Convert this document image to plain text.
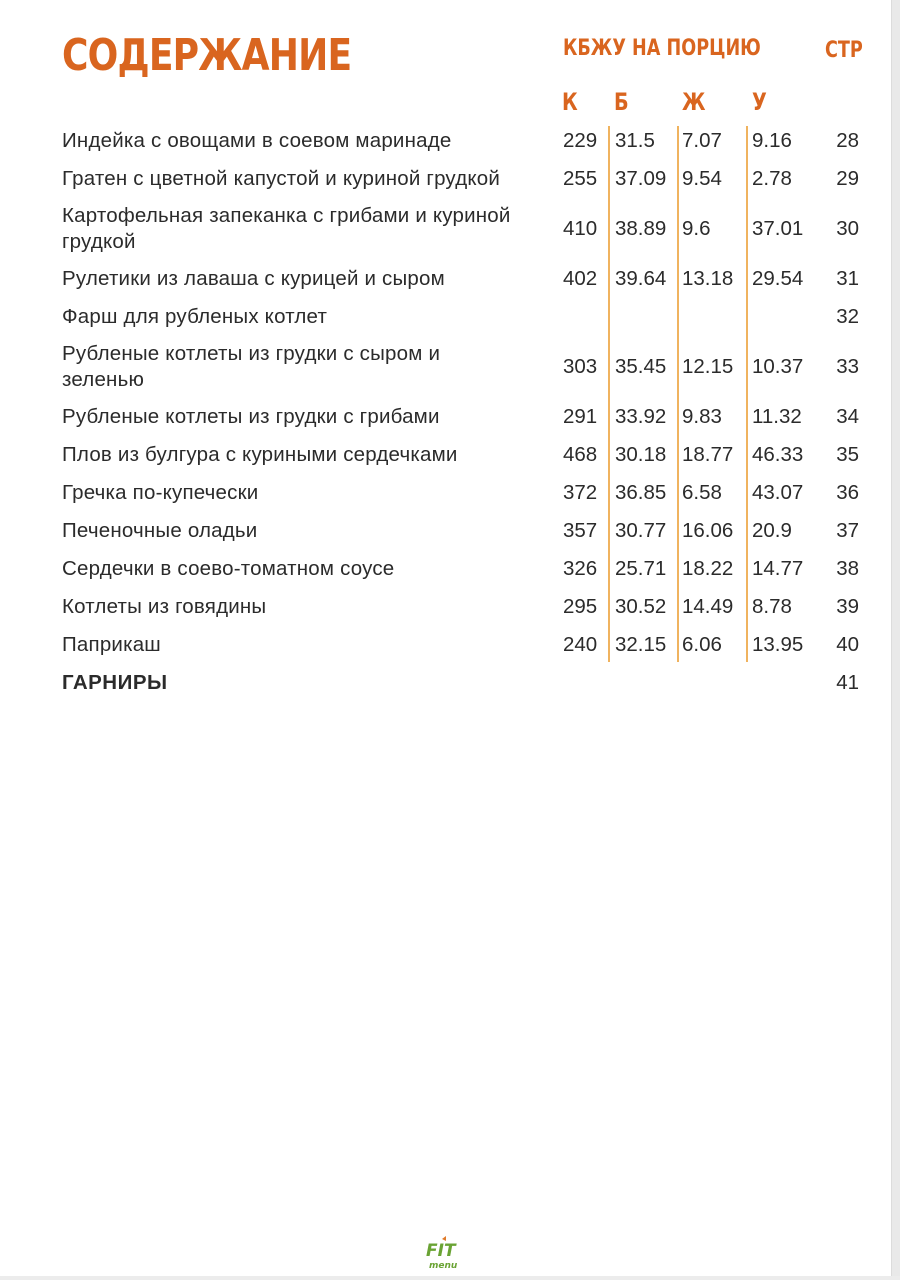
СОДЕРЖАНИЕ	КБЖУ НА ПОРЦИЮ	СТР
К Б Ж У
Индейка с овощами в соевом маринаде	229 31.5 7.07 9.16 28
Гратен с цветной капустой и куриной грудкой	255 37.09 9.54 2.78 29
Картофельная запеканка с грибами и куриной грудкой
410 38.89 9.6 37.01 30
Рулетики из лаваша с курицей и сыром	402 39.64 13.18 29.54 31
Фарш для рубленых котлет	32
Рубленые котлеты из грудки с сыром и зеленью
303 35.45 12.15 10.37 33
Рубленые котлеты из грудки с грибами	291 33.92 9.83 11.32 34
Плов из булгура с куриными сердечками	468 30.18 18.77 46.33 35
Гречка по-купечески	372 36.85 6.58 43.07 36
Печеночные оладьи	357 30.77 16.06 20.9 37
Сердечки в соево-томатном соусе	326 25.71 18.22 14.77 38
Котлеты из говядины	295 30.52 14.49 8.78 39
Паприкаш	240 32.15 6.06 13.95 40
ГАРНИРЫ	41
FIT
menu
